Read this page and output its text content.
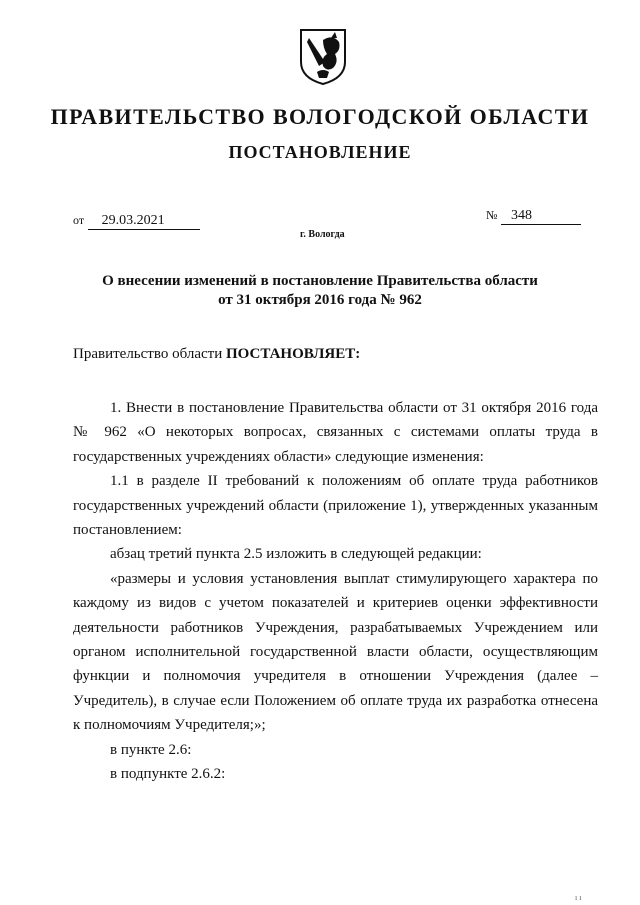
ПРАВИТЕЛЬСТВО ВОЛОГОДСКОЙ ОБЛАСТИ
ПОСТАНОВЛЕНИЕ
от 29.03.2021	№ 348
г. Вологда
О внесении изменений в постановление Правительства области
от 31 октября 2016 года № 962
Правительство области ПОСТАНОВЛЯЕТ:

1. Внести в постановление Правительства области от 31 октября 2016 года № 962 «О некоторых вопросах, связанных с системами оплаты труда в государственных учреждениях области» следующие изменения:

1.1 в разделе II требований к положениям об оплате труда работников государственных учреждений области (приложение 1), утвержденных указанным постановлением:

абзац третий пункта 2.5 изложить в следующей редакции:

«размеры и условия установления выплат стимулирующего характера по каждому из видов с учетом показателей и критериев оценки эффективности деятельности работников Учреждения, разрабатываемых Учреждением или органом исполнительной государственной власти области, осуществляющим функции и полномочия учредителя в отношении Учреждения (далее – Учредитель), в случае если Положением об оплате труда их разработка отнесена к полномочиям Учредителя;»;

в пункте 2.6:

в подпункте 2.6.2:

ıı
